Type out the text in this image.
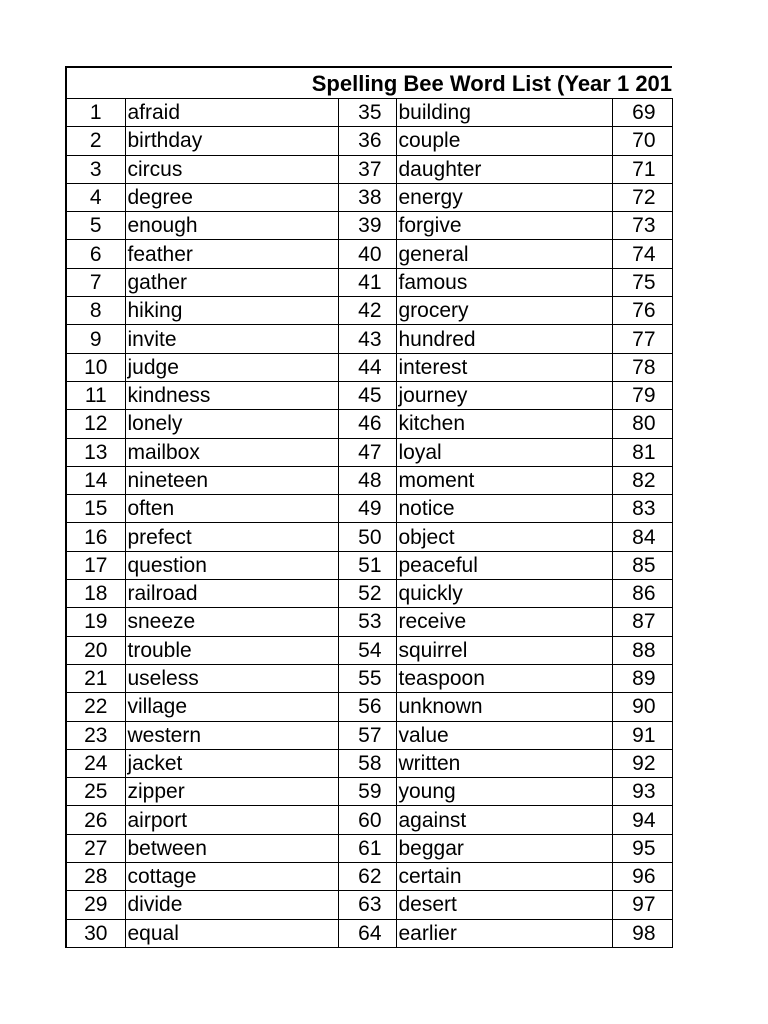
Spelling Bee Word List (Year 1 201				
1	afraid	35	building	69
2	birthday	36	couple	70
3	circus	37	daughter	71
4	degree	38	energy	72
5	enough	39	forgive	73
6	feather	40	general	74
7	gather	41	famous	75
8	hiking	42	grocery	76
9	invite	43	hundred	77
10	judge	44	interest	78
11	kindness	45	journey	79
12	lonely	46	kitchen	80
13	mailbox	47	loyal	81
14	nineteen	48	moment	82
15	often	49	notice	83
16	prefect	50	object	84
17	question	51	peaceful	85
18	railroad	52	quickly	86
19	sneeze	53	receive	87
20	trouble	54	squirrel	88
21	useless	55	teaspoon	89
22	village	56	unknown	90
23	western	57	value	91
24	jacket	58	written	92
25	zipper	59	young	93
26	airport	60	against	94
27	between	61	beggar	95
28	cottage	62	certain	96
29	divide	63	desert	97
30	equal	64	earlier	98
